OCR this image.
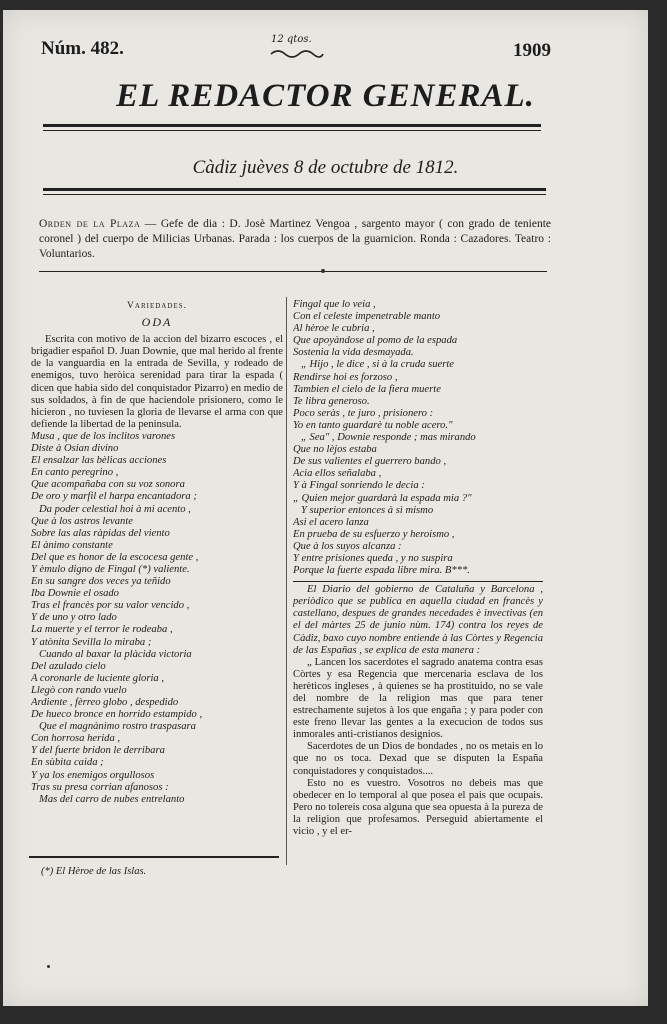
Núm. 482.	12 qtos.
1909
EL REDACTOR GENERAL.
Càdiz juèves 8 de octubre de 1812.
Orden de la Plaza — Gefe de dia : D. Josè Martinez Vengoa , sargento mayor ( con grado de teniente coronel ) del cuerpo de Milicias Urbanas. Parada : los cuerpos de la guarnicion. Ronda : Cazadores. Teatro : Voluntarios.
Variedades.
ODA

Escrita con motivo de la accion del bizarro escoces , el brigadier español D. Juan Downie, que mal herido al frente de la vanguardia en la entrada de Sevilla, y rodeado de enemigos, tuvo heròica serenidad para tirar la espada ( dicen que habia sido del conquistador Pizarro) en medio de sus soldados, à fin de que haciendole prisionero, como le hicieron , no tuviesen la gloria de llevarse el arma con que defiende la libertad de la peninsula.

Musa , que de los inclitos varones
Diste à Osian divino
El ensalzar las bèlicas acciones
En canto peregrino ,
Que acompañaba con su voz sonora
De oro y marfil el harpa encantadora ;
Da poder celestial hoi à mi acento ,
Que à los astros levante
Sobre las alas ràpidas del viento
El ànimo constante
Del que es honor de la escocesa gente ,
Y èmulo digno de Fingal (*) valiente.
En su sangre dos veces ya teñido
Iba Downie el osado
Tras el francès por su valor vencido ,
Y de uno y otro lado
La muerte y el terror le rodeaba ,
Y atònita Sevilla lo miraba ;
Cuando al baxar la plàcida victoria
Del azulado cielo
A coronarle de luciente gloria ,
Llegò con rando vuelo
Ardiente , fèrreo globo , despedido
De hueco bronce en horrido estampido ,
Que el magnànimo rostro traspasara
Con horrosa herida ,
Y del fuerte bridon le derribara
En sùbita caida ;
Y ya los enemigos orgullosos
Tras su presa corrian afanosos :
Mas del carro de nubes entrelanto
(*) El Hèroe de las Islas.
Fingal que lo veia ,
Con el celeste impenetrable manto
Al hèroe le cubria ,
Que apoyàndose al pomo de la espada
Sostenia la vida desmayada.
„ Hijo , le dice , si à la cruda suerte
Rendirse hoi es forzoso ,
Tambien el cielo de la fiera muerte
Te libra generoso.
Poco seràs , te juro , prisionero :
Yo en tanto guardarè tu noble acero."
„ Sea" , Downie responde ; mas mirando
Que no lèjos estaba
De sus valientes el guerrero bando ,
Acia ellos señalaba ,
Y à Fingal sonriendo le decia :
„ Quien mejor guardarà la espada mia ?"
Y superior entonces à sì mismo
Asi el acero lanza
En prueba de su esfuerzo y heroismo ,
Que à los suyos alcanza :
Y entre prisiones queda , y no suspira
Porque la fuerte espada libre mira. B***.

El Diario del gobierno de Cataluña y Barcelona , periòdico que se publica en aquella ciudad en francès y castellano, despues de grandes necedades è invectivas (en el del màrtes 25 de junio nùm. 174) contra los reyes de Càdiz, baxo cuyo nombre entiende à las Còrtes y Regencia de las Españas , se explica de esta manera :

„ Lancen los sacerdotes el sagrado anatema contra esas Còrtes y esa Regencia que mercenaria esclava de los herèticos ingleses , à quienes se ha prostituido, no se vale del nombre de la religion mas que para tener estrechamente sujetos à los que engaña ; y para poder con este freno llevar las gentes a la execucion de todos sus inmorales anti-cristianos designios.

Sacerdotes de un Dios de bondades , no os metais en lo que no os toca. Dexad que se disputen la España conquistadores y conquistados....

Esto no es vuestro. Vosotros no debeis mas que obedecer en lo temporal al que posea el pais que ocupais. Pero no tolereis cosa alguna que sea opuesta à la pureza de la religion que profesamos. Perseguid abiertamente el vicio , y el er-
